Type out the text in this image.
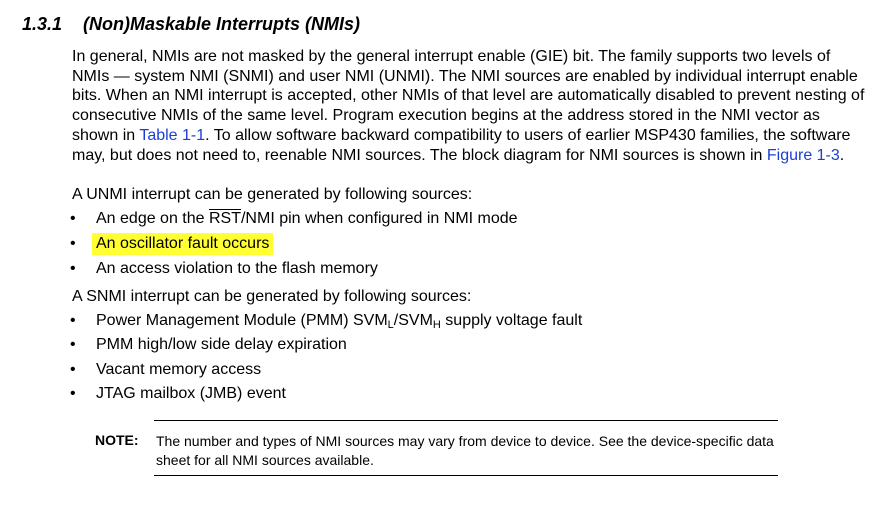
1.3.1 (Non)Maskable Interrupts (NMIs)
In general, NMIs are not masked by the general interrupt enable (GIE) bit. The family supports two levels of NMIs — system NMI (SNMI) and user NMI (UNMI). The NMI sources are enabled by individual interrupt enable bits. When an NMI interrupt is accepted, other NMIs of that level are automatically disabled to prevent nesting of consecutive NMIs of the same level. Program execution begins at the address stored in the NMI vector as shown in Table 1-1. To allow software backward compatibility to users of earlier MSP430 families, the software may, but does not need to, reenable NMI sources. The block diagram for NMI sources is shown in Figure 1-3.
A UNMI interrupt can be generated by following sources:
• An edge on the $\overline{RST}$/NMI pin when configured in NMI mode
• An oscillator fault occurs
• An access violation to the flash memory
A SNMI interrupt can be generated by following sources:
• Power Management Module (PMM) $SVM_L/SVM_H$ supply voltage fault
• PMM high/low side delay expiration
• Vacant memory access
• JTAG mailbox (JMB) event
NOTE: The number and types of NMI sources may vary from device to device. See the device-specific data sheet for all NMI sources available.
